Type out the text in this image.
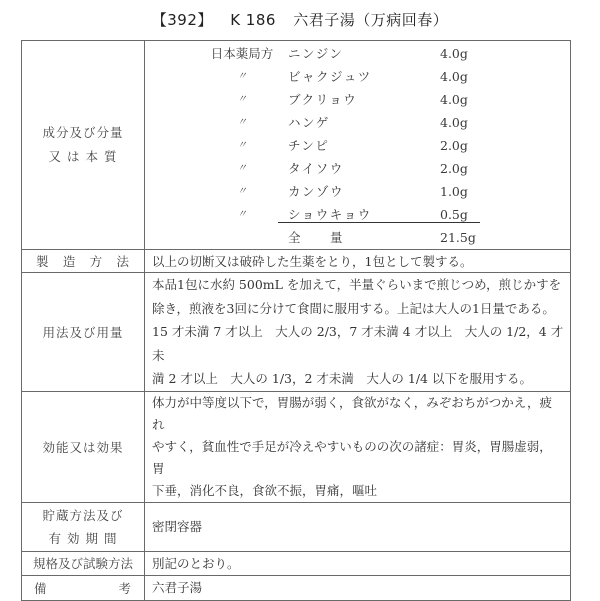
【392】 K 186 六君子湯（万病回春）
成分及び分量
又 は 本 質

日本薬局方	ニンジン	4.0g
〃	ビャクジュツ	4.0g
〃	ブクリョウ	4.0g
〃	ハンゲ	4.0g
〃	チンピ	2.0g
〃	タイソウ	2.0g
〃	カンゾウ	1.0g
〃	ショウキョウ	0.5g
全　　量	21.5g

製 造 方 法	以上の切断又は破砕した生薬をとり，1包として製する。
用法及び用量	本品1包に水約 500mL を加えて，半量ぐらいまで煎じつめ，煎じかすを
除き，煎液を3回に分けて食間に服用する。上記は大人の1日量である。
15 才未満 7 才以上　大人の 2/3，7 才未満 4 才以上　大人の 1/2，4 才未
満 2 才以上　大人の 1/3，2 才未満　大人の 1/4 以下を服用する。

効能又は効果	体力が中等度以下で，胃腸が弱く，食欲がなく，みぞおちがつかえ，疲れ
やすく，貧血性で手足が冷えやすいものの次の諸症：胃炎，胃腸虚弱，胃
下垂，消化不良，食欲不振，胃痛，嘔吐

貯蔵方法及び
有 効 期 間	密閉容器
規格及び試験方法	別記のとおり。

備 考	六君子湯
